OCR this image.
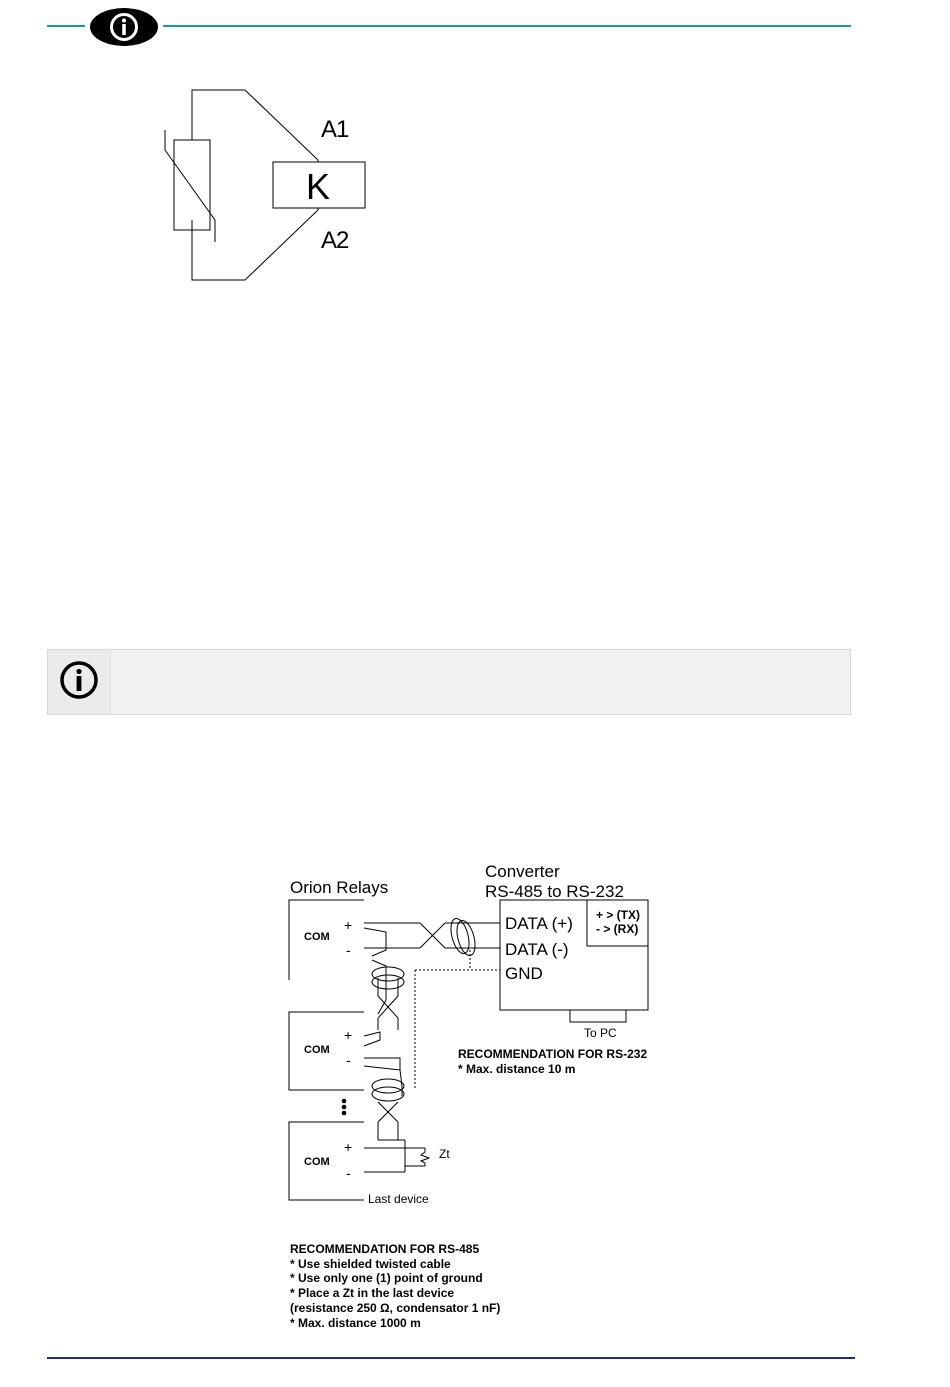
A1
K
A2
Orion Relays
Converter
RS-485 to RS-232
DATA (+)
DATA (-)
GND
+ > (TX)
- > (RX)
To PC
COM
+
-
COM
+
-
COM
+
-
Zt
Last device
RECOMMENDATION FOR RS-232
* Max. distance 10 m
RECOMMENDATION FOR RS-485
* Use shielded twisted cable
* Use only one (1) point of ground
* Place a Zt in the last device
(resistance 250 Ω, condensator 1 nF)
* Max. distance 1000 m
